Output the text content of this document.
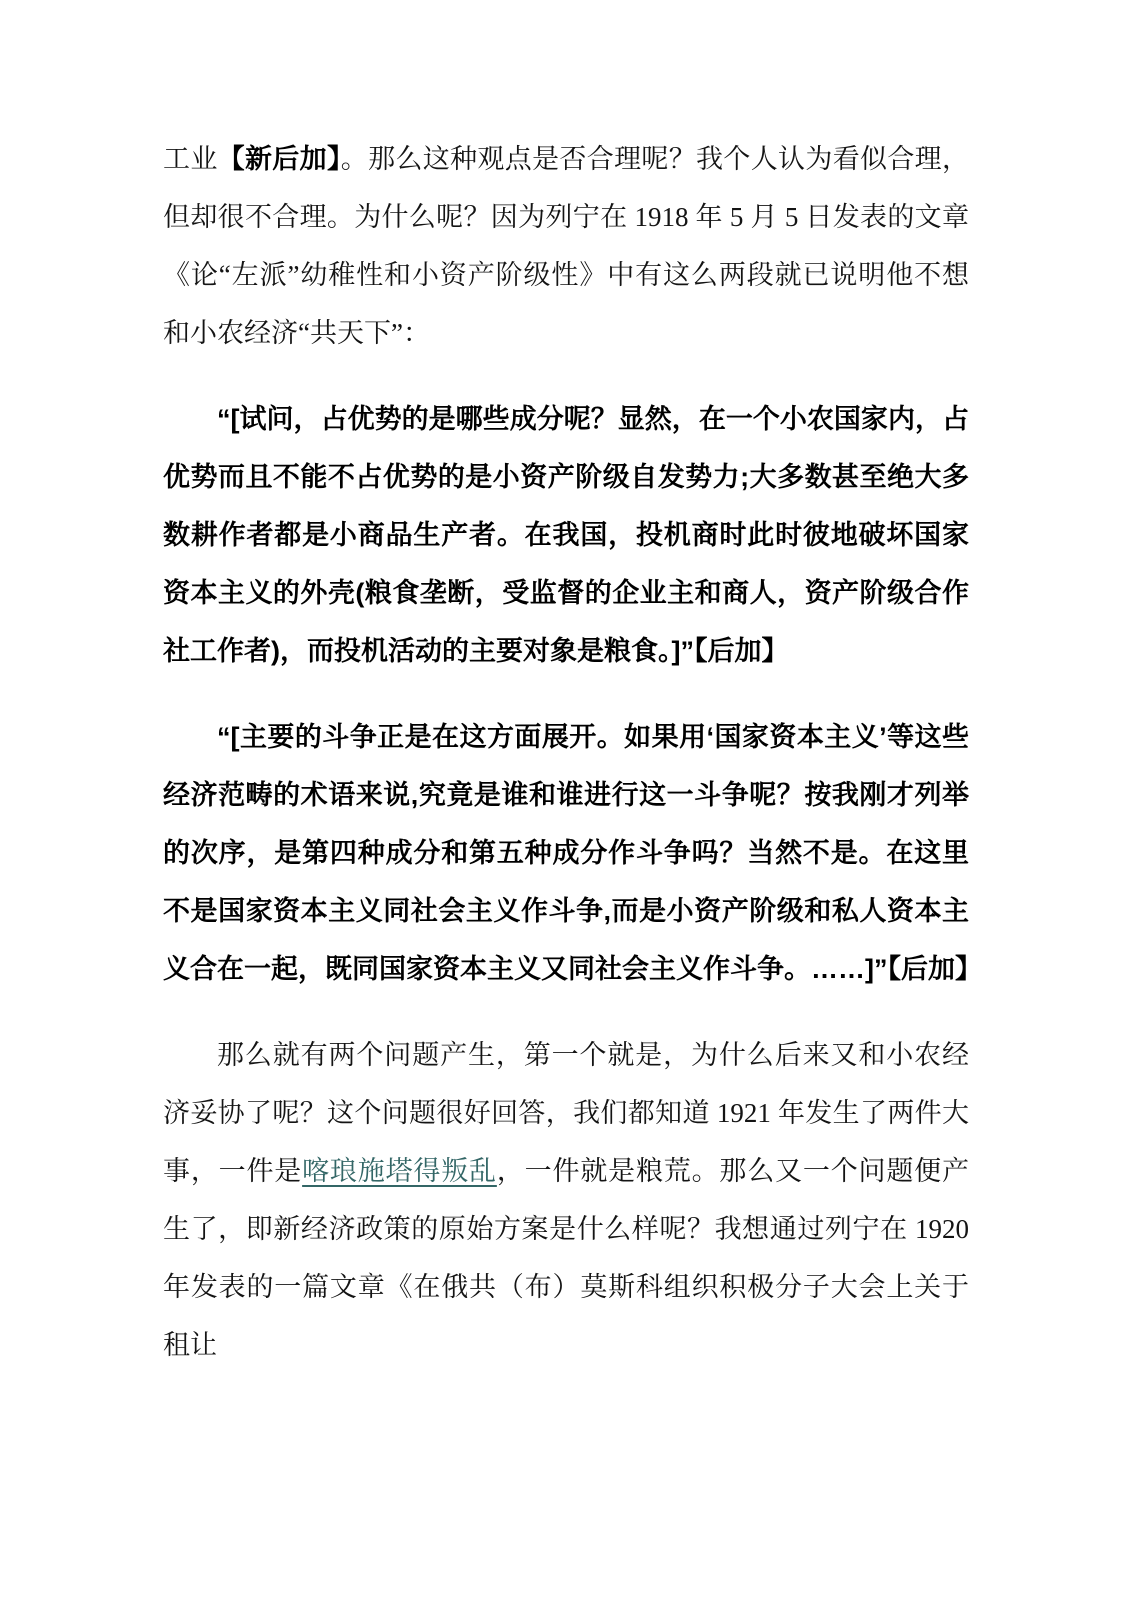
工业【新后加】。那么这种观点是否合理呢？我个人认为看似合理，但却很不合理。为什么呢？因为列宁在 1918 年 5 月 5 日发表的文章《论“左派”幼稚性和小资产阶级性》中有这么两段就已说明他不想和小农经济“共天下”：

“[试问，占优势的是哪些成分呢？显然，在一个小农国家内，占优势而且不能不占优势的是小资产阶级自发势力;大多数甚至绝大多数耕作者都是小商品生产者。在我国，投机商时此时彼地破坏国家资本主义的外壳(粮食垄断，受监督的企业主和商人，资产阶级合作社工作者)，而投机活动的主要对象是粮食。]”【后加】

“[主要的斗争正是在这方面展开。如果用‘国家资本主义’等这些经济范畴的术语来说,究竟是谁和谁进行这一斗争呢？按我刚才列举的次序，是第四种成分和第五种成分作斗争吗？当然不是。在这里不是国家资本主义同社会主义作斗争,而是小资产阶级和私人资本主义合在一起，既同国家资本主义又同社会主义作斗争。……]”【后加】

那么就有两个问题产生，第一个就是，为什么后来又和小农经济妥协了呢？这个问题很好回答，我们都知道 1921 年发生了两件大事，一件是喀琅施塔得叛乱，一件就是粮荒。那么又一个问题便产生了，即新经济政策的原始方案是什么样呢？我想通过列宁在 1920 年发表的一篇文章《在俄共（布）莫斯科组织积极分子大会上关于租让
